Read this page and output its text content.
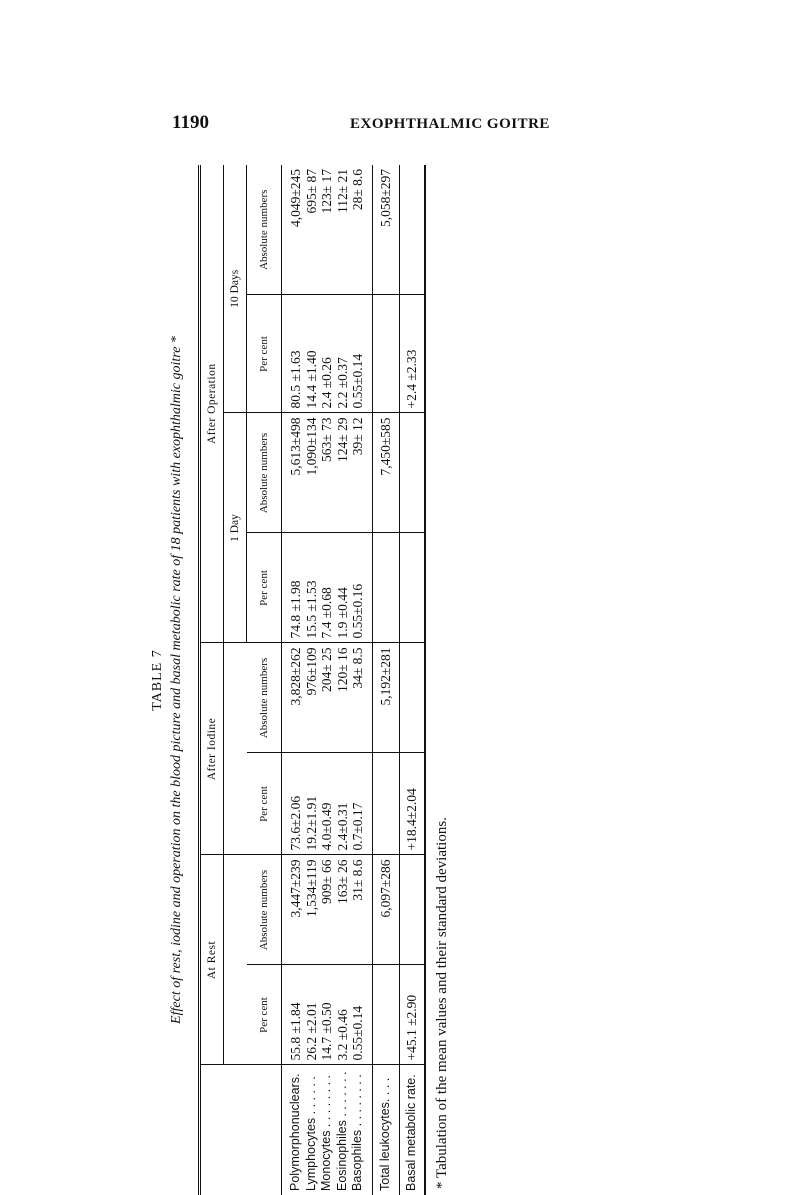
1190	EXOPHTHALMIC GOITRE
TABLE 7 Effect of rest, iodine and operation on the blood picture and basal metabolic rate of 18 patients with exophthalmic goitre *
	At Rest		After Iodine		After Operation			
					1 Day		10 Days	
	Per cent	Absolute numbers	Per cent	Absolute numbers	Per cent	Absolute numbers	Per cent	Absolute numbers

Polymorphonuclears.	55.8 ±1.84	3,447±239	73.6±2.06	3,828±262	74.8 ±1.98	5,613±498	80.5 ±1.63	4,049±245
Lymphocytes . . . . . .	26.2 ±2.01	1,534±119	19.2±1.91	976±109	15.5 ±1.53	1,090±134	14.4 ±1.40	695± 87
Monocytes . . . . . . . .	14.7 ±0.50	909± 66	4.0±0.49	204± 25	7.4 ±0.68	563± 73	2.4 ±0.26	123± 17
Eosinophiles . . . . . . .	3.2 ±0.46	163± 26	2.4±0.31	120± 16	1.9 ±0.44	124± 29	2.2 ±0.37	112± 21
Basophiles . . . . . . . .	0.55±0.14	31± 8.6	0.7±0.17	34± 8.5	0.55±0.16	39± 12	0.55±0.14	28± 8.6

Total leukocytes. . . .		6,097±286		5,192±281		7,450±585		5,058±297
Basal metabolic rate.	+45.1 ±2.90		+18.4±2.04				+2.4 ±2.33	
* Tabulation of the mean values and their standard deviations.
